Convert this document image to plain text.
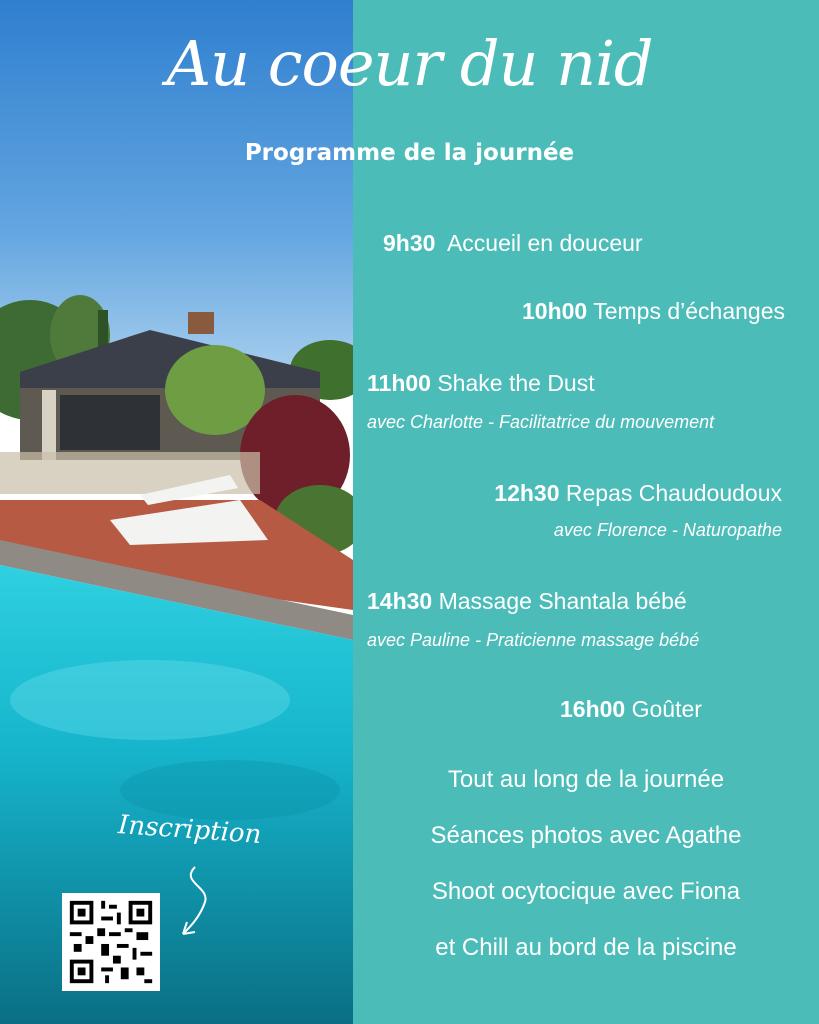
Au coeur du nid
Programme de la journée
9h30 Accueil en douceur
10h00 Temps d’échanges
11h00 Shake the Dust
avec Charlotte - Facilitatrice du mouvement
12h30 Repas Chaudoudoux
avec Florence - Naturopathe
14h30 Massage Shantala bébé
avec Pauline - Praticienne massage bébé
16h00 Goûter
Tout au long de la journée
Séances photos avec Agathe
Shoot ocytocique avec Fiona
et Chill au bord de la piscine
Inscription
